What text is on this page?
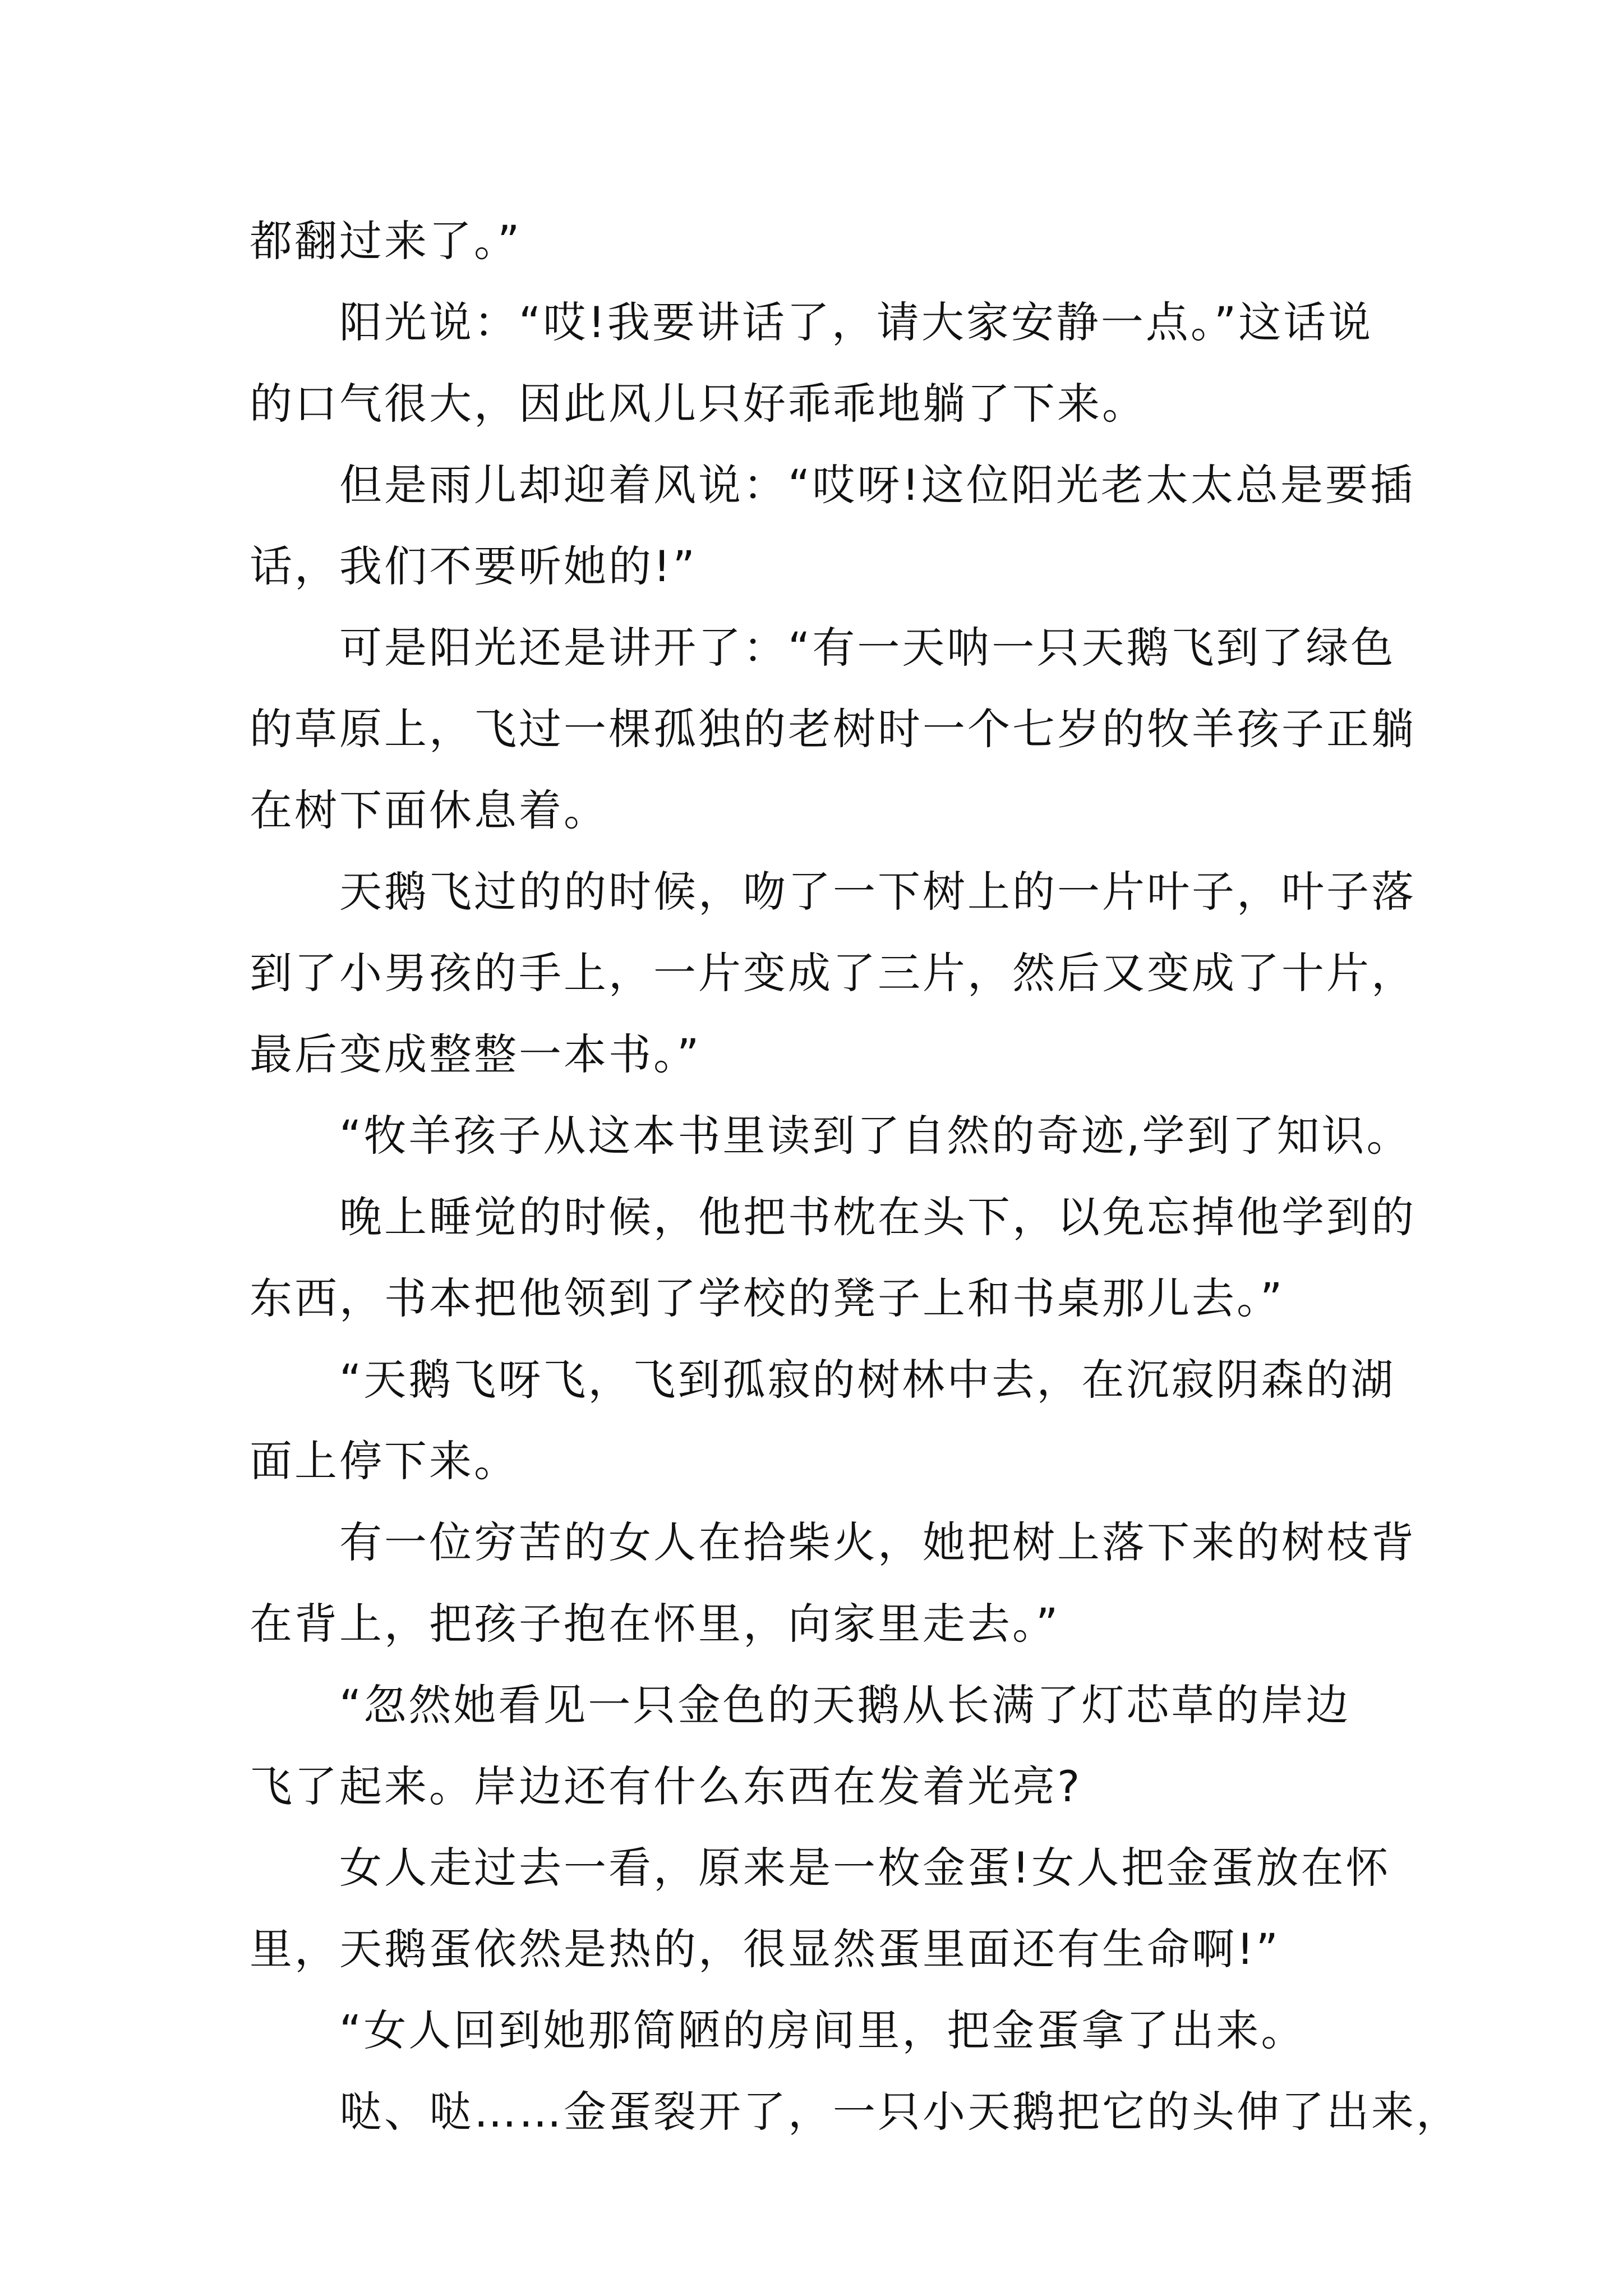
都翻过来了。”
　　阳光说：“哎!我要讲话了，请大家安静一点。”这话说
的口气很大，因此风儿只好乖乖地躺了下来。
　　但是雨儿却迎着风说：“哎呀!这位阳光老太太总是要插
话，我们不要听她的!”
　　可是阳光还是讲开了：“有一天呐一只天鹅飞到了绿色
的草原上，飞过一棵孤独的老树时一个七岁的牧羊孩子正躺
在树下面休息着。
　　天鹅飞过的的时候，吻了一下树上的一片叶子，叶子落
到了小男孩的手上，一片变成了三片，然后又变成了十片，
最后变成整整一本书。”
　　“牧羊孩子从这本书里读到了自然的奇迹,学到了知识。
　　晚上睡觉的时候，他把书枕在头下，以免忘掉他学到的
东西，书本把他领到了学校的凳子上和书桌那儿去。”
　　“天鹅飞呀飞，飞到孤寂的树林中去，在沉寂阴森的湖
面上停下来。
　　有一位穷苦的女人在拾柴火，她把树上落下来的树枝背
在背上，把孩子抱在怀里，向家里走去。”
　　“忽然她看见一只金色的天鹅从长满了灯芯草的岸边
飞了起来。岸边还有什么东西在发着光亮?
　　女人走过去一看，原来是一枚金蛋!女人把金蛋放在怀
里，天鹅蛋依然是热的，很显然蛋里面还有生命啊!”
　　“女人回到她那简陋的房间里，把金蛋拿了出来。
　　哒、哒……金蛋裂开了，一只小天鹅把它的头伸了出来，
